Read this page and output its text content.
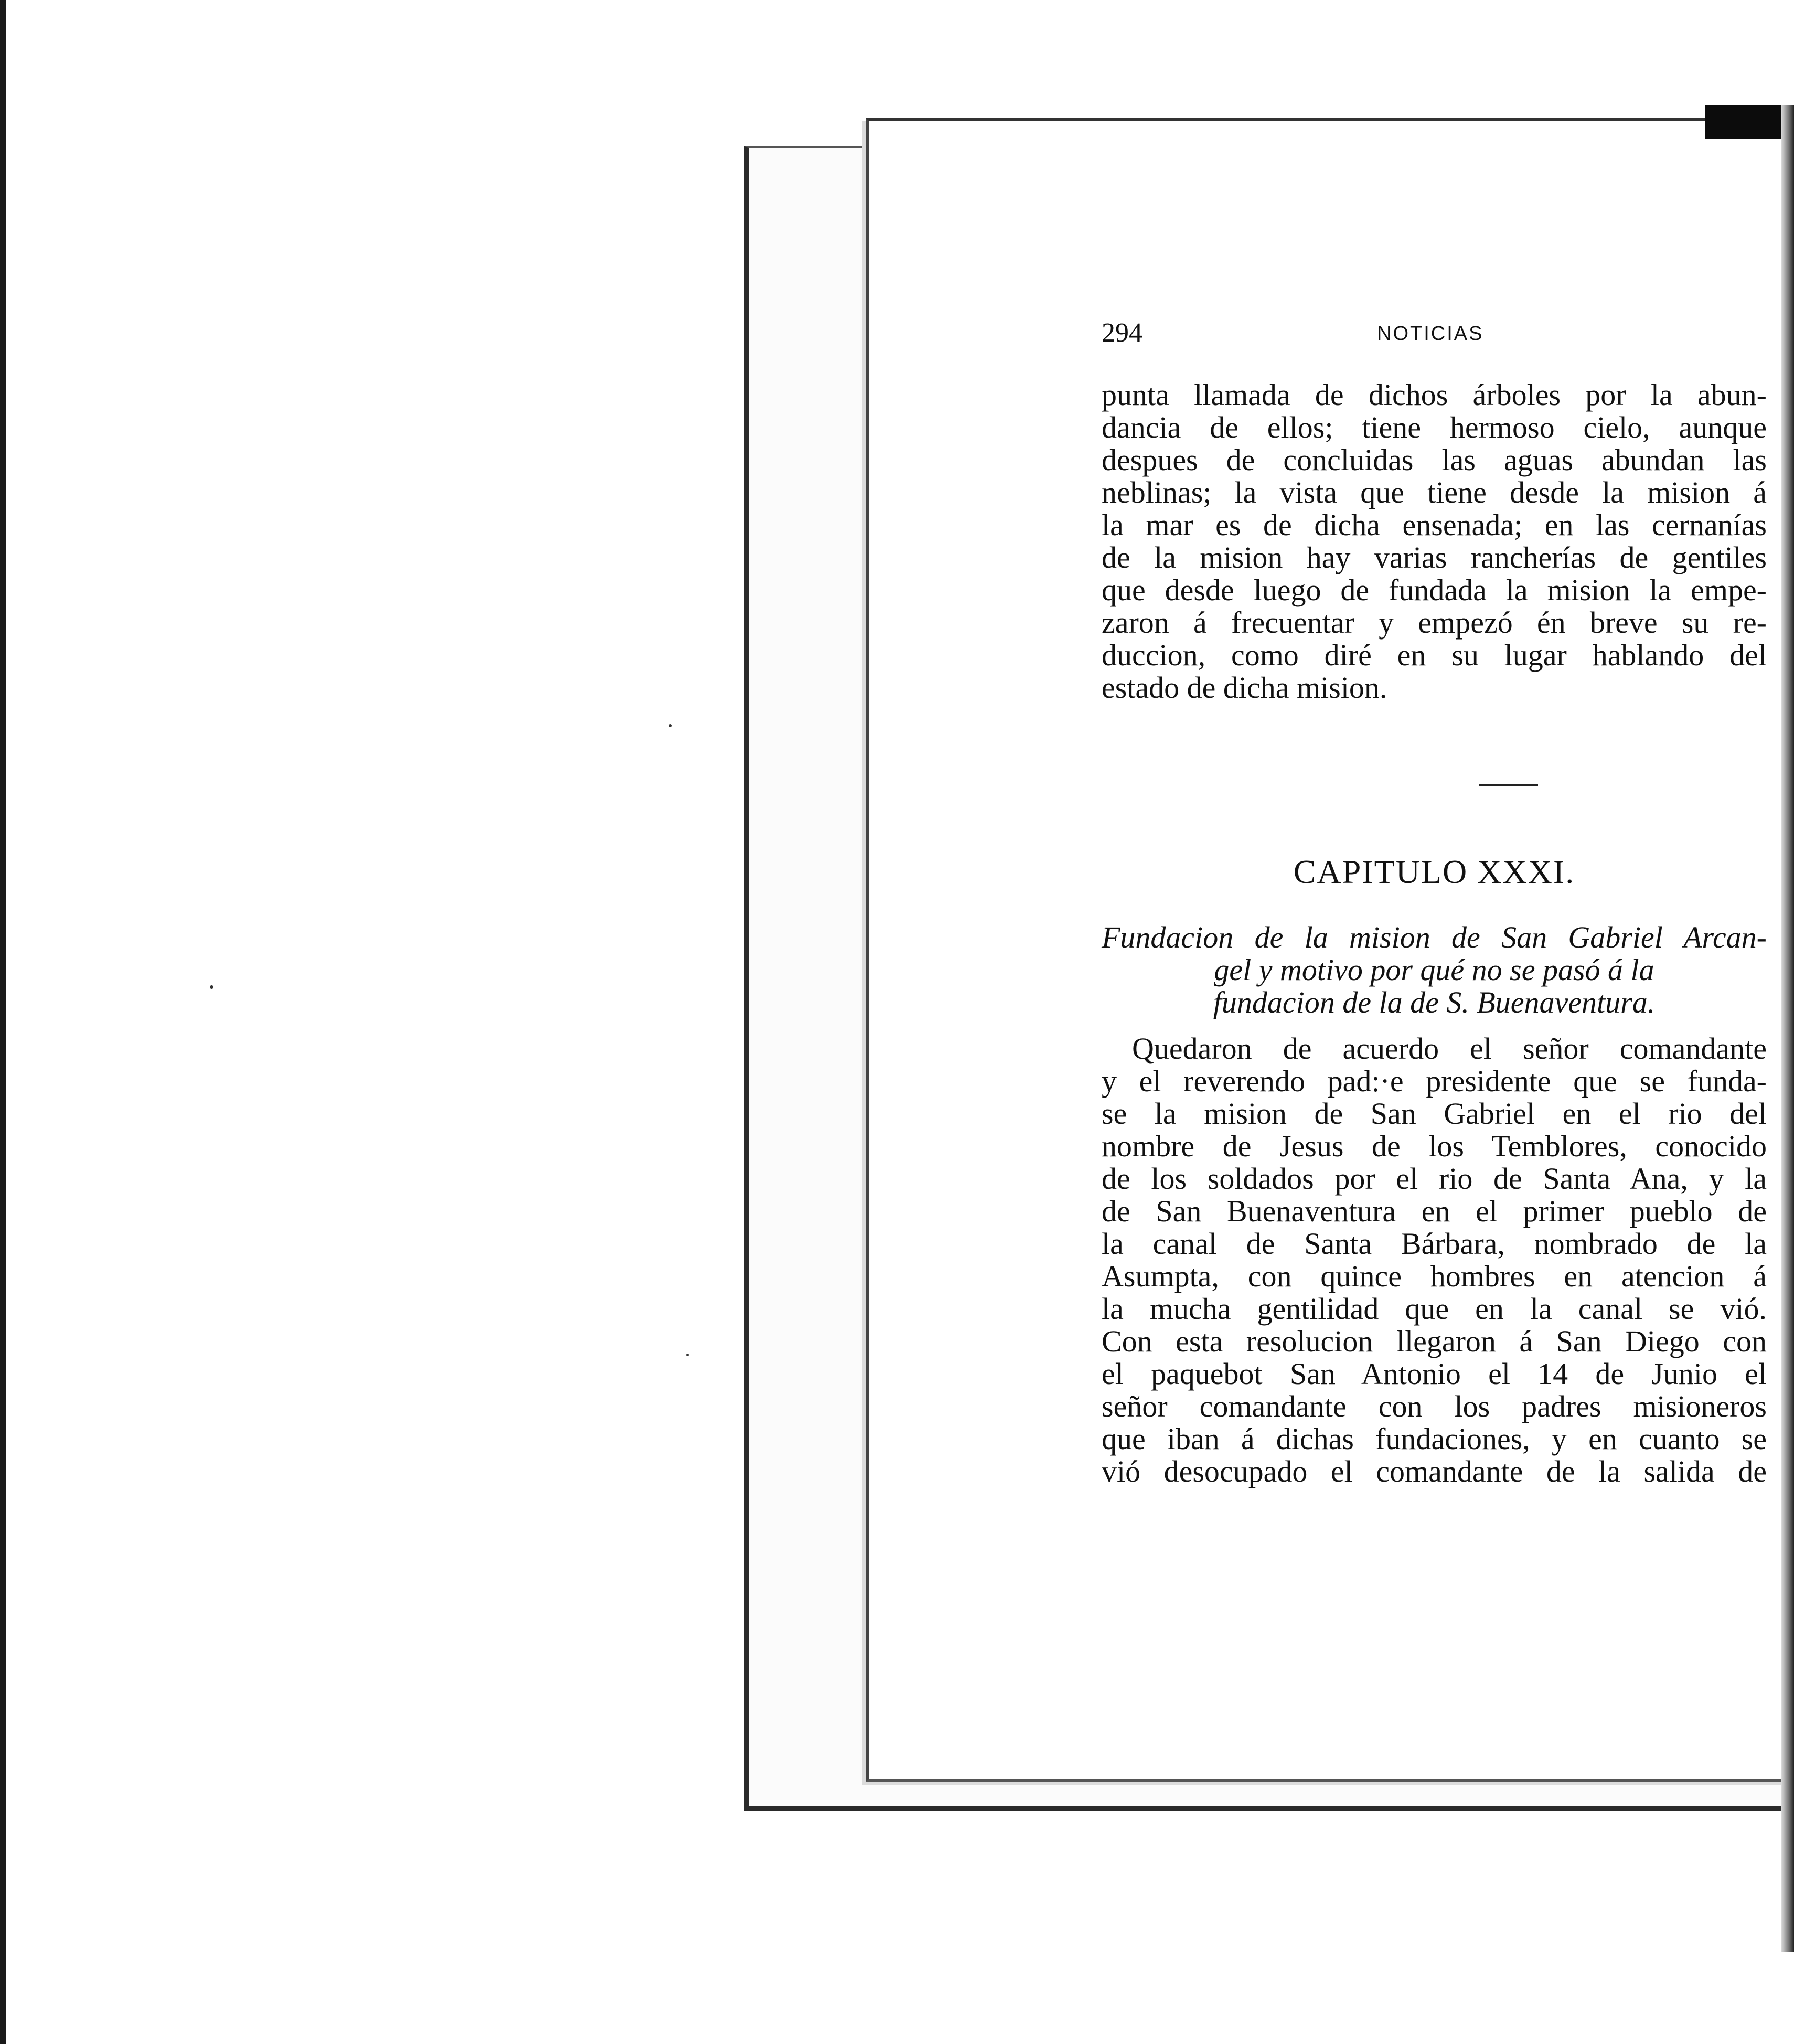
294	NOTICIAS
punta llamada de dichos árboles por la abun-
dancia de ellos; tiene hermoso cielo, aunque
despues de concluidas las aguas abundan las
neblinas; la vista que tiene desde la mision á
la mar es de dicha ensenada; en las cernanías
de la mision hay varias rancherías de gentiles
que desde luego de fundada la mision la empe-
zaron á frecuentar y empezó én breve su re-
duccion, como diré en su lugar hablando del
estado de dicha mision.
CAPITULO XXXI.
Fundacion de la mision de San Gabriel Arcan-
gel y motivo por qué no se pasó á la
fundacion de la de S. Buenaventura.
Quedaron de acuerdo el señor comandante
y el reverendo pad:·e presidente que se funda-
se la mision de San Gabriel en el rio del
nombre de Jesus de los Temblores, conocido
de los soldados por el rio de Santa Ana, y la
de San Buenaventura en el primer pueblo de
la canal de Santa Bárbara, nombrado de la
Asumpta, con quince hombres en atencion á
la mucha gentilidad que en la canal se vió.
Con esta resolucion llegaron á San Diego con
el paquebot San Antonio el 14 de Junio el
señor comandante con los padres misioneros
que iban á dichas fundaciones, y en cuanto se
vió desocupado el comandante de la salida de
